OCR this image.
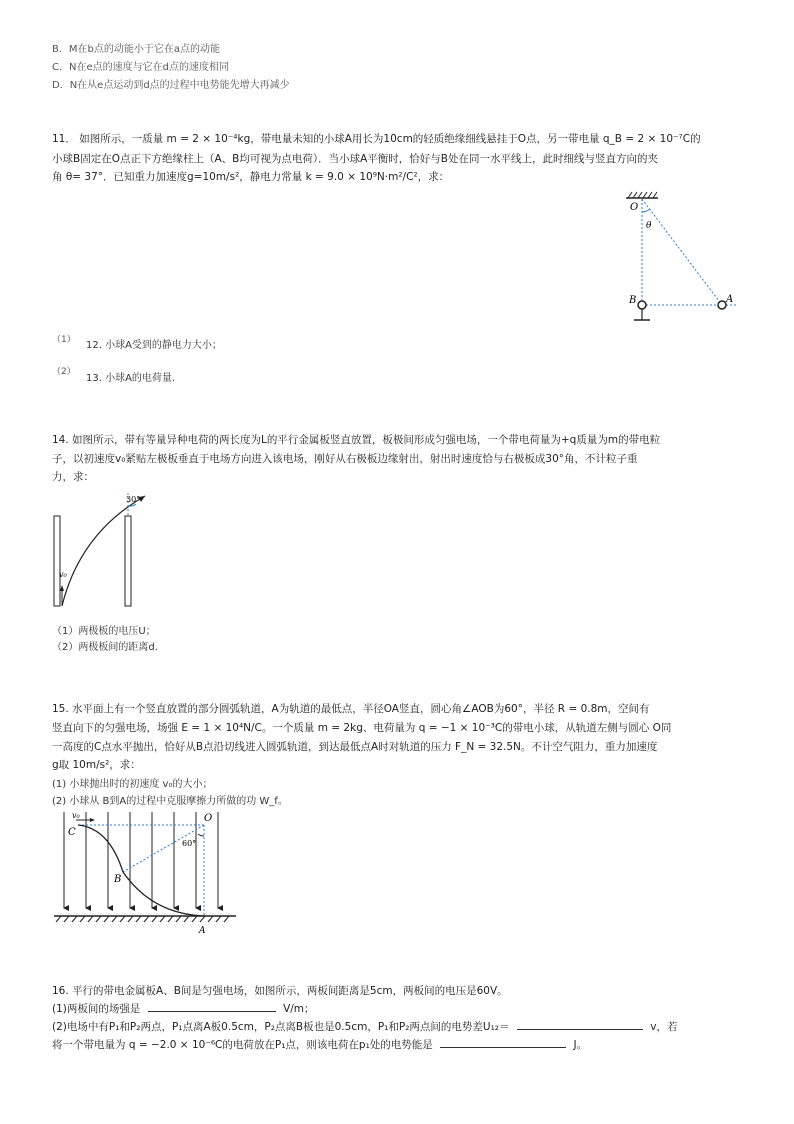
B．M在b点的动能小于它在a点的动能
C．N在e点的速度与它在d点的速度相同
D．N在从e点运动到d点的过程中电势能先增大再减少
11． 如图所示，一质量 m = 2 × 10⁻⁴kg，带电量未知的小球A用长为10cm的轻质绝缘细线悬挂于O点，另一带电量 q_B = 2 × 10⁻⁷C的
小球B固定在O点正下方绝缘柱上（A、B均可视为点电荷）．当小球A平衡时，恰好与B处在同一水平线上，此时细线与竖直方向的夹
角 θ= 37°．已知重力加速度g=10m/s²，静电力常量 k = 9.0 × 10⁹N·m²/C²，求：
O
θ
B	A
（1） 12. 小球A受到的静电力大小；
（2）
13. 小球A的电荷量.
14. 如图所示，带有等量异种电荷的两长度为L的平行金属板竖直放置，板极间形成匀强电场，一个带电荷量为+q质量为m的带电粒
子，以初速度v₀紧贴左极板垂直于电场方向进入该电场，刚好从右极板边缘射出，射出时速度恰与右极板成30°角，不计粒子重
力，求：
v₀
30°
（1）两极板的电压U；
（2）两极板间的距离d.
15. 水平面上有一个竖直放置的部分圆弧轨道，A为轨道的最低点，半径OA竖直，圆心角∠AOB为60°，半径 R = 0.8m，空间有
竖直向下的匀强电场，场强 E = 1 × 10⁴N/C。一个质量 m = 2kg、电荷量为 q = −1 × 10⁻³C的带电小球，从轨道左侧与圆心 O同
一高度的C点水平抛出，恰好从B点沿切线进入圆弧轨道，到达最低点A时对轨道的压力 F_N = 32.5N。不计空气阻力，重力加速度
g取 10m/s²，求：
(1) 小球抛出时的初速度 v₀的大小；
(2) 小球从 B到A的过程中克服摩擦力所做的功 W_f。
v₀
C
O
60°
B
A
16. 平行的带电金属板A、B间是匀强电场，如图所示，两板间距离是5cm，两板间的电压是60V。
(1)两板间的场强是	V/m；
(2)电场中有P₁和P₂两点，P₁点离A板0.5cm，P₂点离B板也是0.5cm，P₁和P₂两点间的电势差U₁₂＝	v，若
将一个带电量为 q = −2.0 × 10⁻⁶C的电荷放在P₁点，则该电荷在p₁处的电势能是	J。
